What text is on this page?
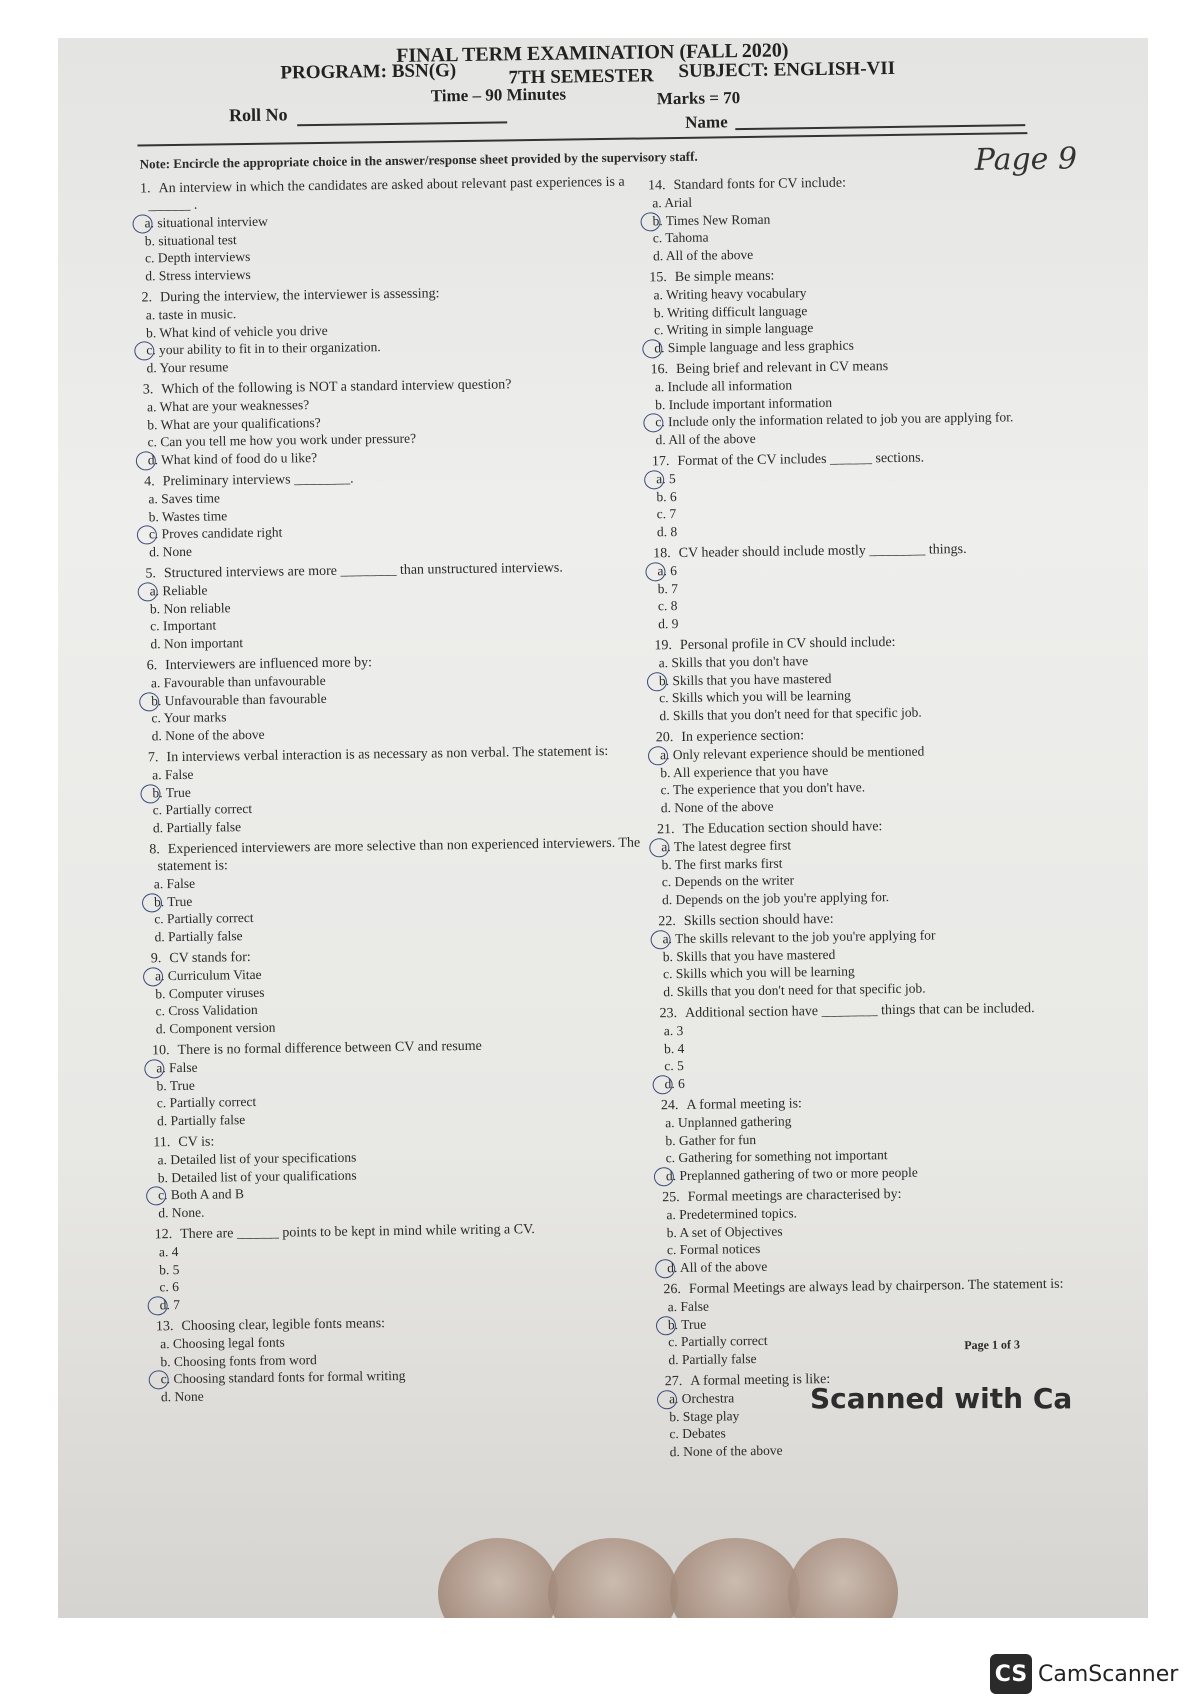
FINAL TERM EXAMINATION (FALL 2020)
PROGRAM: BSN(G)	7TH SEMESTER SUBJECT: ENGLISH-VII
Time – 90 Minutes	Marks = 70
Roll No	Name
Note: Encircle the appropriate choice in the answer/response sheet provided by the supervisory staff.	Page 9
1. An interview in which the candidates are asked about relevant past experiences is a ______ .
a. situational interview
b. situational test
c. Depth interviews
d. Stress interviews
2. During the interview, the interviewer is assessing:
a. taste in music.
b. What kind of vehicle you drive
c. your ability to fit in to their organization.
d. Your resume
3. Which of the following is NOT a standard interview question?
a. What are your weaknesses?
b. What are your qualifications?
c. Can you tell me how you work under pressure?
d. What kind of food do u like?
4. Preliminary interviews ________.
a. Saves time
b. Wastes time
c. Proves candidate right
d. None
5. Structured interviews are more ________ than unstructured interviews.
a. Reliable
b. Non reliable
c. Important
d. Non important
6. Interviewers are influenced more by:
a. Favourable than unfavourable
b. Unfavourable than favourable
c. Your marks
d. None of the above
7. In interviews verbal interaction is as necessary as non verbal. The statement is:
a. False
b. True
c. Partially correct
d. Partially false
8. Experienced interviewers are more selective than non experienced interviewers. The statement is:
a. False
b. True
c. Partially correct
d. Partially false
9. CV stands for:
a. Curriculum Vitae
b. Computer viruses
c. Cross Validation
d. Component version
10. There is no formal difference between CV and resume
a. False
b. True
c. Partially correct
d. Partially false
11. CV is:
a. Detailed list of your specifications
b. Detailed list of your qualifications
c. Both A and B
d. None.
12. There are ______ points to be kept in mind while writing a CV.
a. 4
b. 5
c. 6
d. 7
13. Choosing clear, legible fonts means:
a. Choosing legal fonts
b. Choosing fonts from word
c. Choosing standard fonts for formal writing
d. None
14. Standard fonts for CV include:
a. Arial
b. Times New Roman
c. Tahoma
d. All of the above
15. Be simple means:
a. Writing heavy vocabulary
b. Writing difficult language
c. Writing in simple language
d. Simple language and less graphics
16. Being brief and relevant in CV means
a. Include all information
b. Include important information
c. Include only the information related to job you are applying for.
d. All of the above
17. Format of the CV includes ______ sections.
a. 5
b. 6
c. 7
d. 8
18. CV header should include mostly ________ things.
a. 6
b. 7
c. 8
d. 9
19. Personal profile in CV should include:
a. Skills that you don't have
b. Skills that you have mastered
c. Skills which you will be learning
d. Skills that you don't need for that specific job.
20. In experience section:
a. Only relevant experience should be mentioned
b. All experience that you have
c. The experience that you don't have.
d. None of the above
21. The Education section should have:
a. The latest degree first
b. The first marks first
c. Depends on the writer
d. Depends on the job you're applying for.
22. Skills section should have:
a. The skills relevant to the job you're applying for
b. Skills that you have mastered
c. Skills which you will be learning
d. Skills that you don't need for that specific job.
23. Additional section have ________ things that can be included.
a. 3
b. 4
c. 5
d. 6
24. A formal meeting is:
a. Unplanned gathering
b. Gather for fun
c. Gathering for something not important
d. Preplanned gathering of two or more people
25. Formal meetings are characterised by:
a. Predetermined topics.
b. A set of Objectives
c. Formal notices
d. All of the above
26. Formal Meetings are always lead by chairperson. The statement is:
a. False
b. True
c. Partially correct
d. Partially false
27. A formal meeting is like:
a. Orchestra
b. Stage play
c. Debates
d. None of the above
Page 1 of 3
Scanned with Ca
CS CamScanner
